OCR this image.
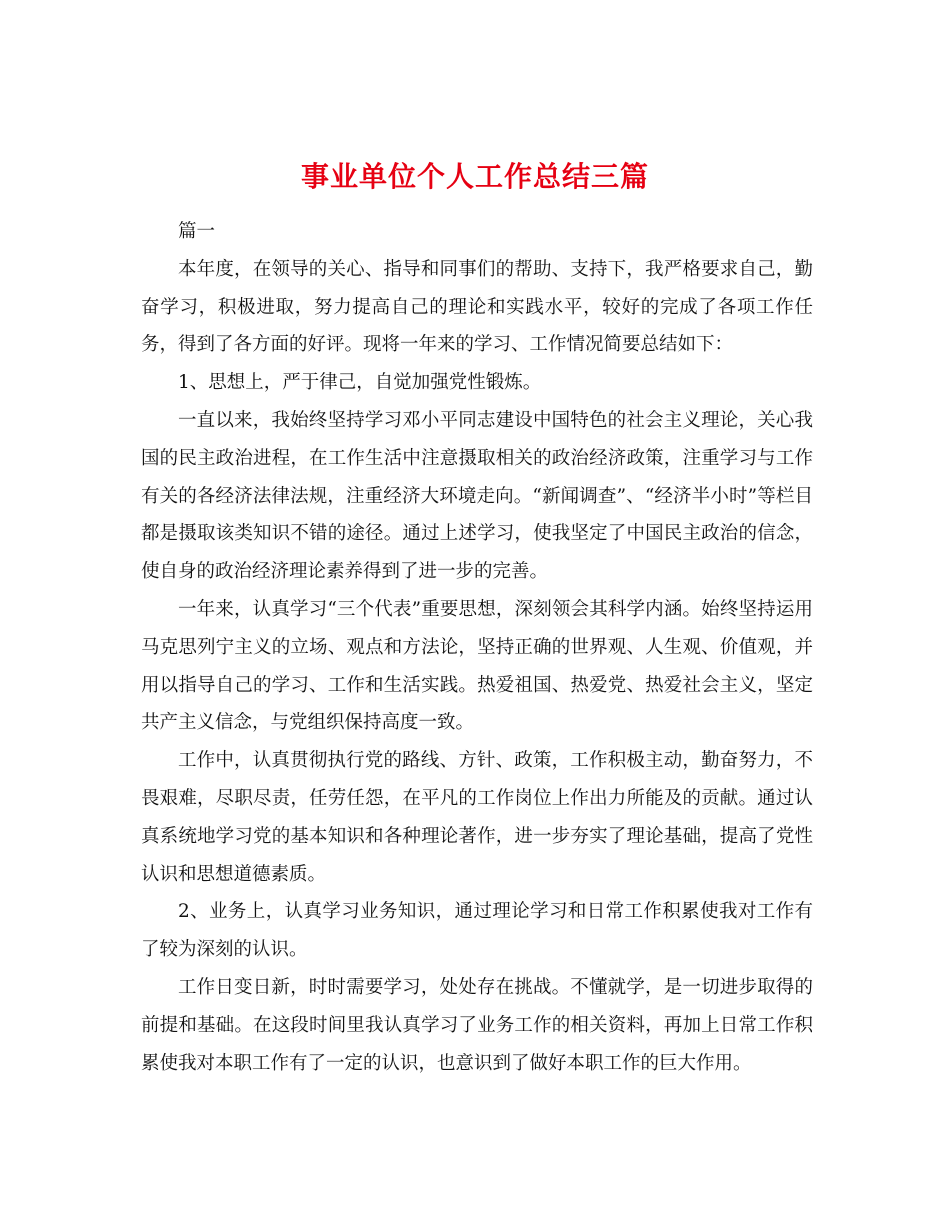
事业单位个人工作总结三篇

篇一

本年度，在领导的关心、指导和同事们的帮助、支持下，我严格要求自己，勤奋学习，积极进取，努力提高自己的理论和实践水平，较好的完成了各项工作任务，得到了各方面的好评。现将一年来的学习、工作情况简要总结如下：

1、思想上，严于律己，自觉加强党性锻炼。

一直以来，我始终坚持学习邓小平同志建设中国特色的社会主义理论，关心我国的民主政治进程，在工作生活中注意摄取相关的政治经济政策，注重学习与工作有关的各经济法律法规，注重经济大环境走向。“新闻调查”、“经济半小时”等栏目都是摄取该类知识不错的途径。通过上述学习，使我坚定了中国民主政治的信念，使自身的政治经济理论素养得到了进一步的完善。

一年来，认真学习“三个代表”重要思想，深刻领会其科学内涵。始终坚持运用马克思列宁主义的立场、观点和方法论，坚持正确的世界观、人生观、价值观，并用以指导自己的学习、工作和生活实践。热爱祖国、热爱党、热爱社会主义，坚定共产主义信念，与党组织保持高度一致。

工作中，认真贯彻执行党的路线、方针、政策，工作积极主动，勤奋努力，不畏艰难，尽职尽责，任劳任怨，在平凡的工作岗位上作出力所能及的贡献。通过认真系统地学习党的基本知识和各种理论著作，进一步夯实了理论基础，提高了党性认识和思想道德素质。

2、业务上，认真学习业务知识，通过理论学习和日常工作积累使我对工作有了较为深刻的认识。

工作日变日新，时时需要学习，处处存在挑战。不懂就学，是一切进步取得的前提和基础。在这段时间里我认真学习了业务工作的相关资料，再加上日常工作积累使我对本职工作有了一定的认识，也意识到了做好本职工作的巨大作用。
